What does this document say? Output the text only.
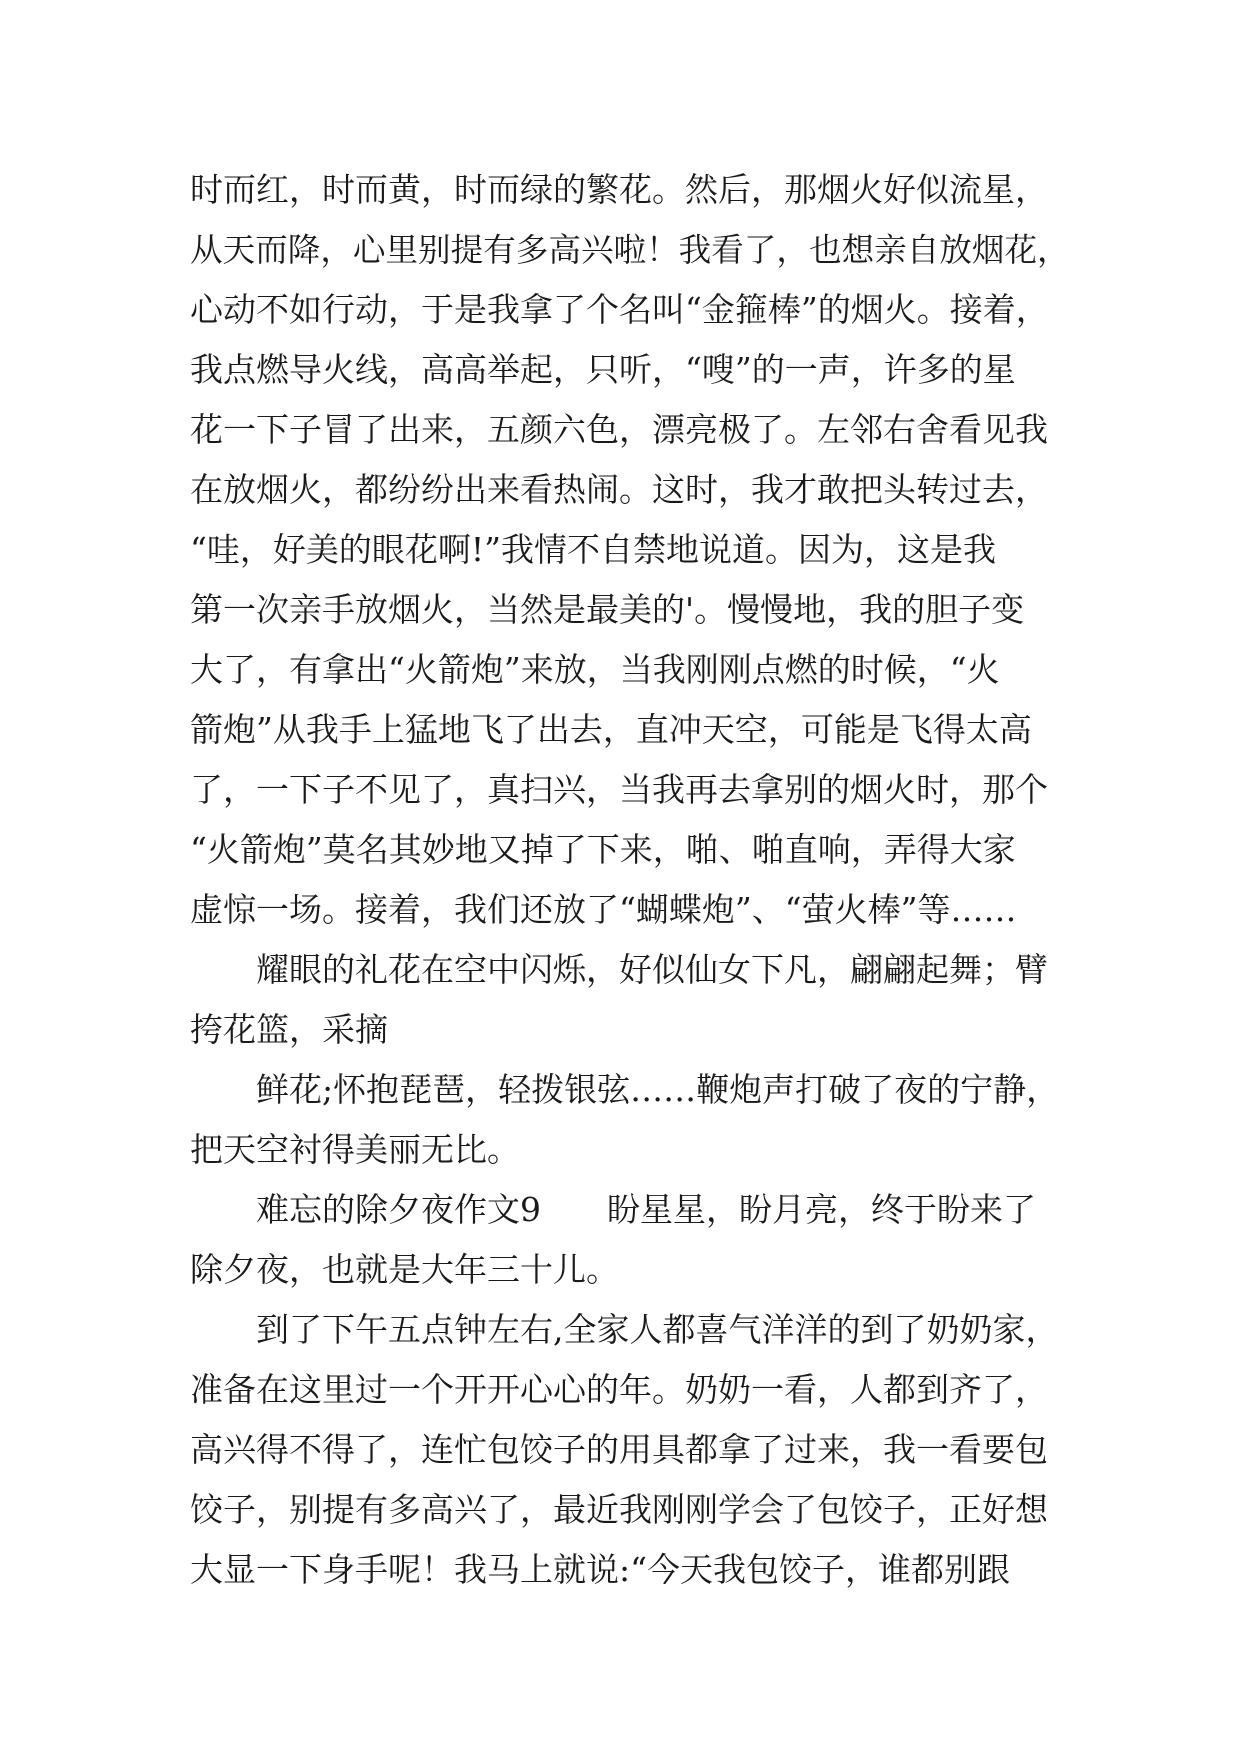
时而红，时而黄，时而绿的繁花。然后，那烟火好似流星，
从天而降，心里别提有多高兴啦！我看了，也想亲自放烟花，
心动不如行动，于是我拿了个名叫“金箍棒”的烟火。接着，
我点燃导火线，高高举起，只听，“嗖”的一声，许多的星
花一下子冒了出来，五颜六色，漂亮极了。左邻右舍看见我
在放烟火，都纷纷出来看热闹。这时，我才敢把头转过去，
“哇，好美的眼花啊!”我情不自禁地说道。因为，这是我
第一次亲手放烟火，当然是最美的'。慢慢地，我的胆子变
大了，有拿出“火箭炮”来放，当我刚刚点燃的时候，“火
箭炮”从我手上猛地飞了出去，直冲天空，可能是飞得太高
了，一下子不见了，真扫兴，当我再去拿别的烟火时，那个
“火箭炮”莫名其妙地又掉了下来，啪、啪直响，弄得大家
虚惊一场。接着，我们还放了“蝴蝶炮”、“萤火棒”等……
耀眼的礼花在空中闪烁，好似仙女下凡，翩翩起舞；臂
挎花篮，采摘
鲜花;怀抱琵琶，轻拨银弦……鞭炮声打破了夜的宁静，
把天空衬得美丽无比。
难忘的除夕夜作文9　　盼星星，盼月亮，终于盼来了
除夕夜，也就是大年三十儿。
到了下午五点钟左右,全家人都喜气洋洋的到了奶奶家，
准备在这里过一个开开心心的年。奶奶一看，人都到齐了，
高兴得不得了，连忙包饺子的用具都拿了过来，我一看要包
饺子，别提有多高兴了，最近我刚刚学会了包饺子，正好想
大显一下身手呢！我马上就说:“今天我包饺子，谁都别跟
